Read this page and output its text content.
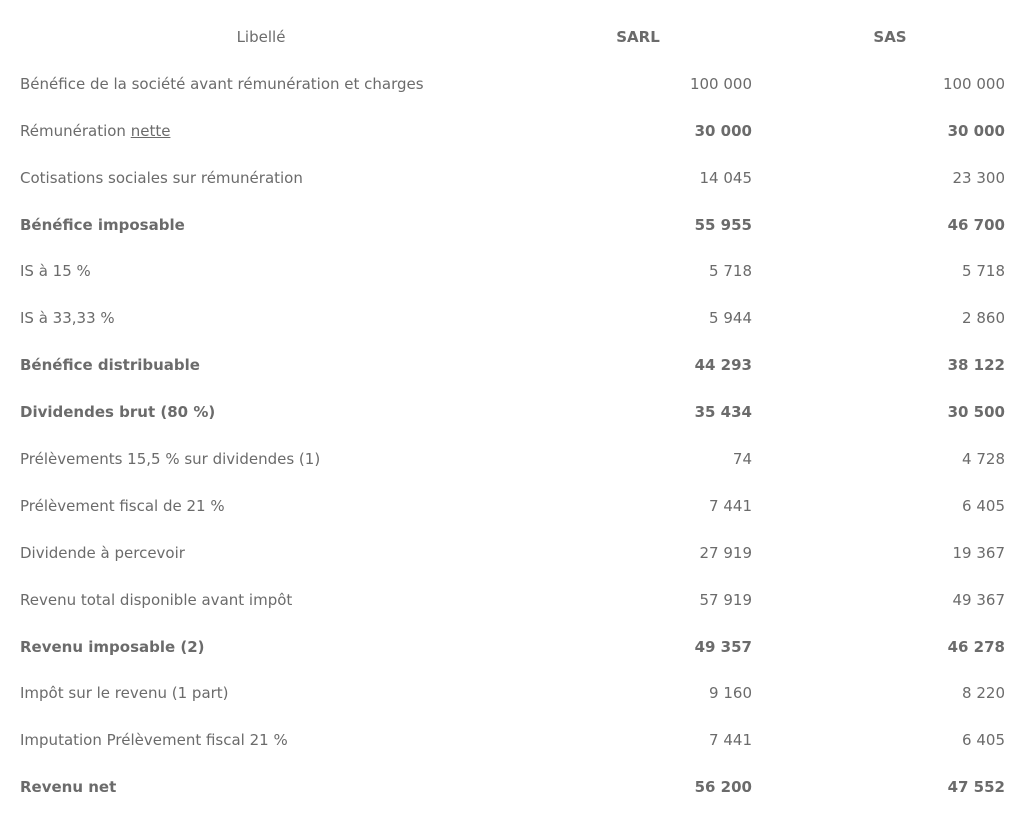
Libellé	SARL	SAS
Bénéfice de la société avant rémunération et charges	100 000	100 000
Rémunération nette	30 000	30 000
Cotisations sociales sur rémunération	14 045	23 300
Bénéfice imposable	55 955	46 700
IS à 15 %	5 718	5 718
IS à 33,33 %	5 944	2 860
Bénéfice distribuable	44 293	38 122
Dividendes brut (80 %)	35 434	30 500
Prélèvements 15,5 % sur dividendes (1)	74	4 728
Prélèvement fiscal de 21 %	7 441	6 405
Dividende à percevoir	27 919	19 367
Revenu total disponible avant impôt	57 919	49 367
Revenu imposable (2)	49 357	46 278
Impôt sur le revenu (1 part)	9 160	8 220
Imputation Prélèvement fiscal 21 %	7 441	6 405
Revenu net	56 200	47 552
